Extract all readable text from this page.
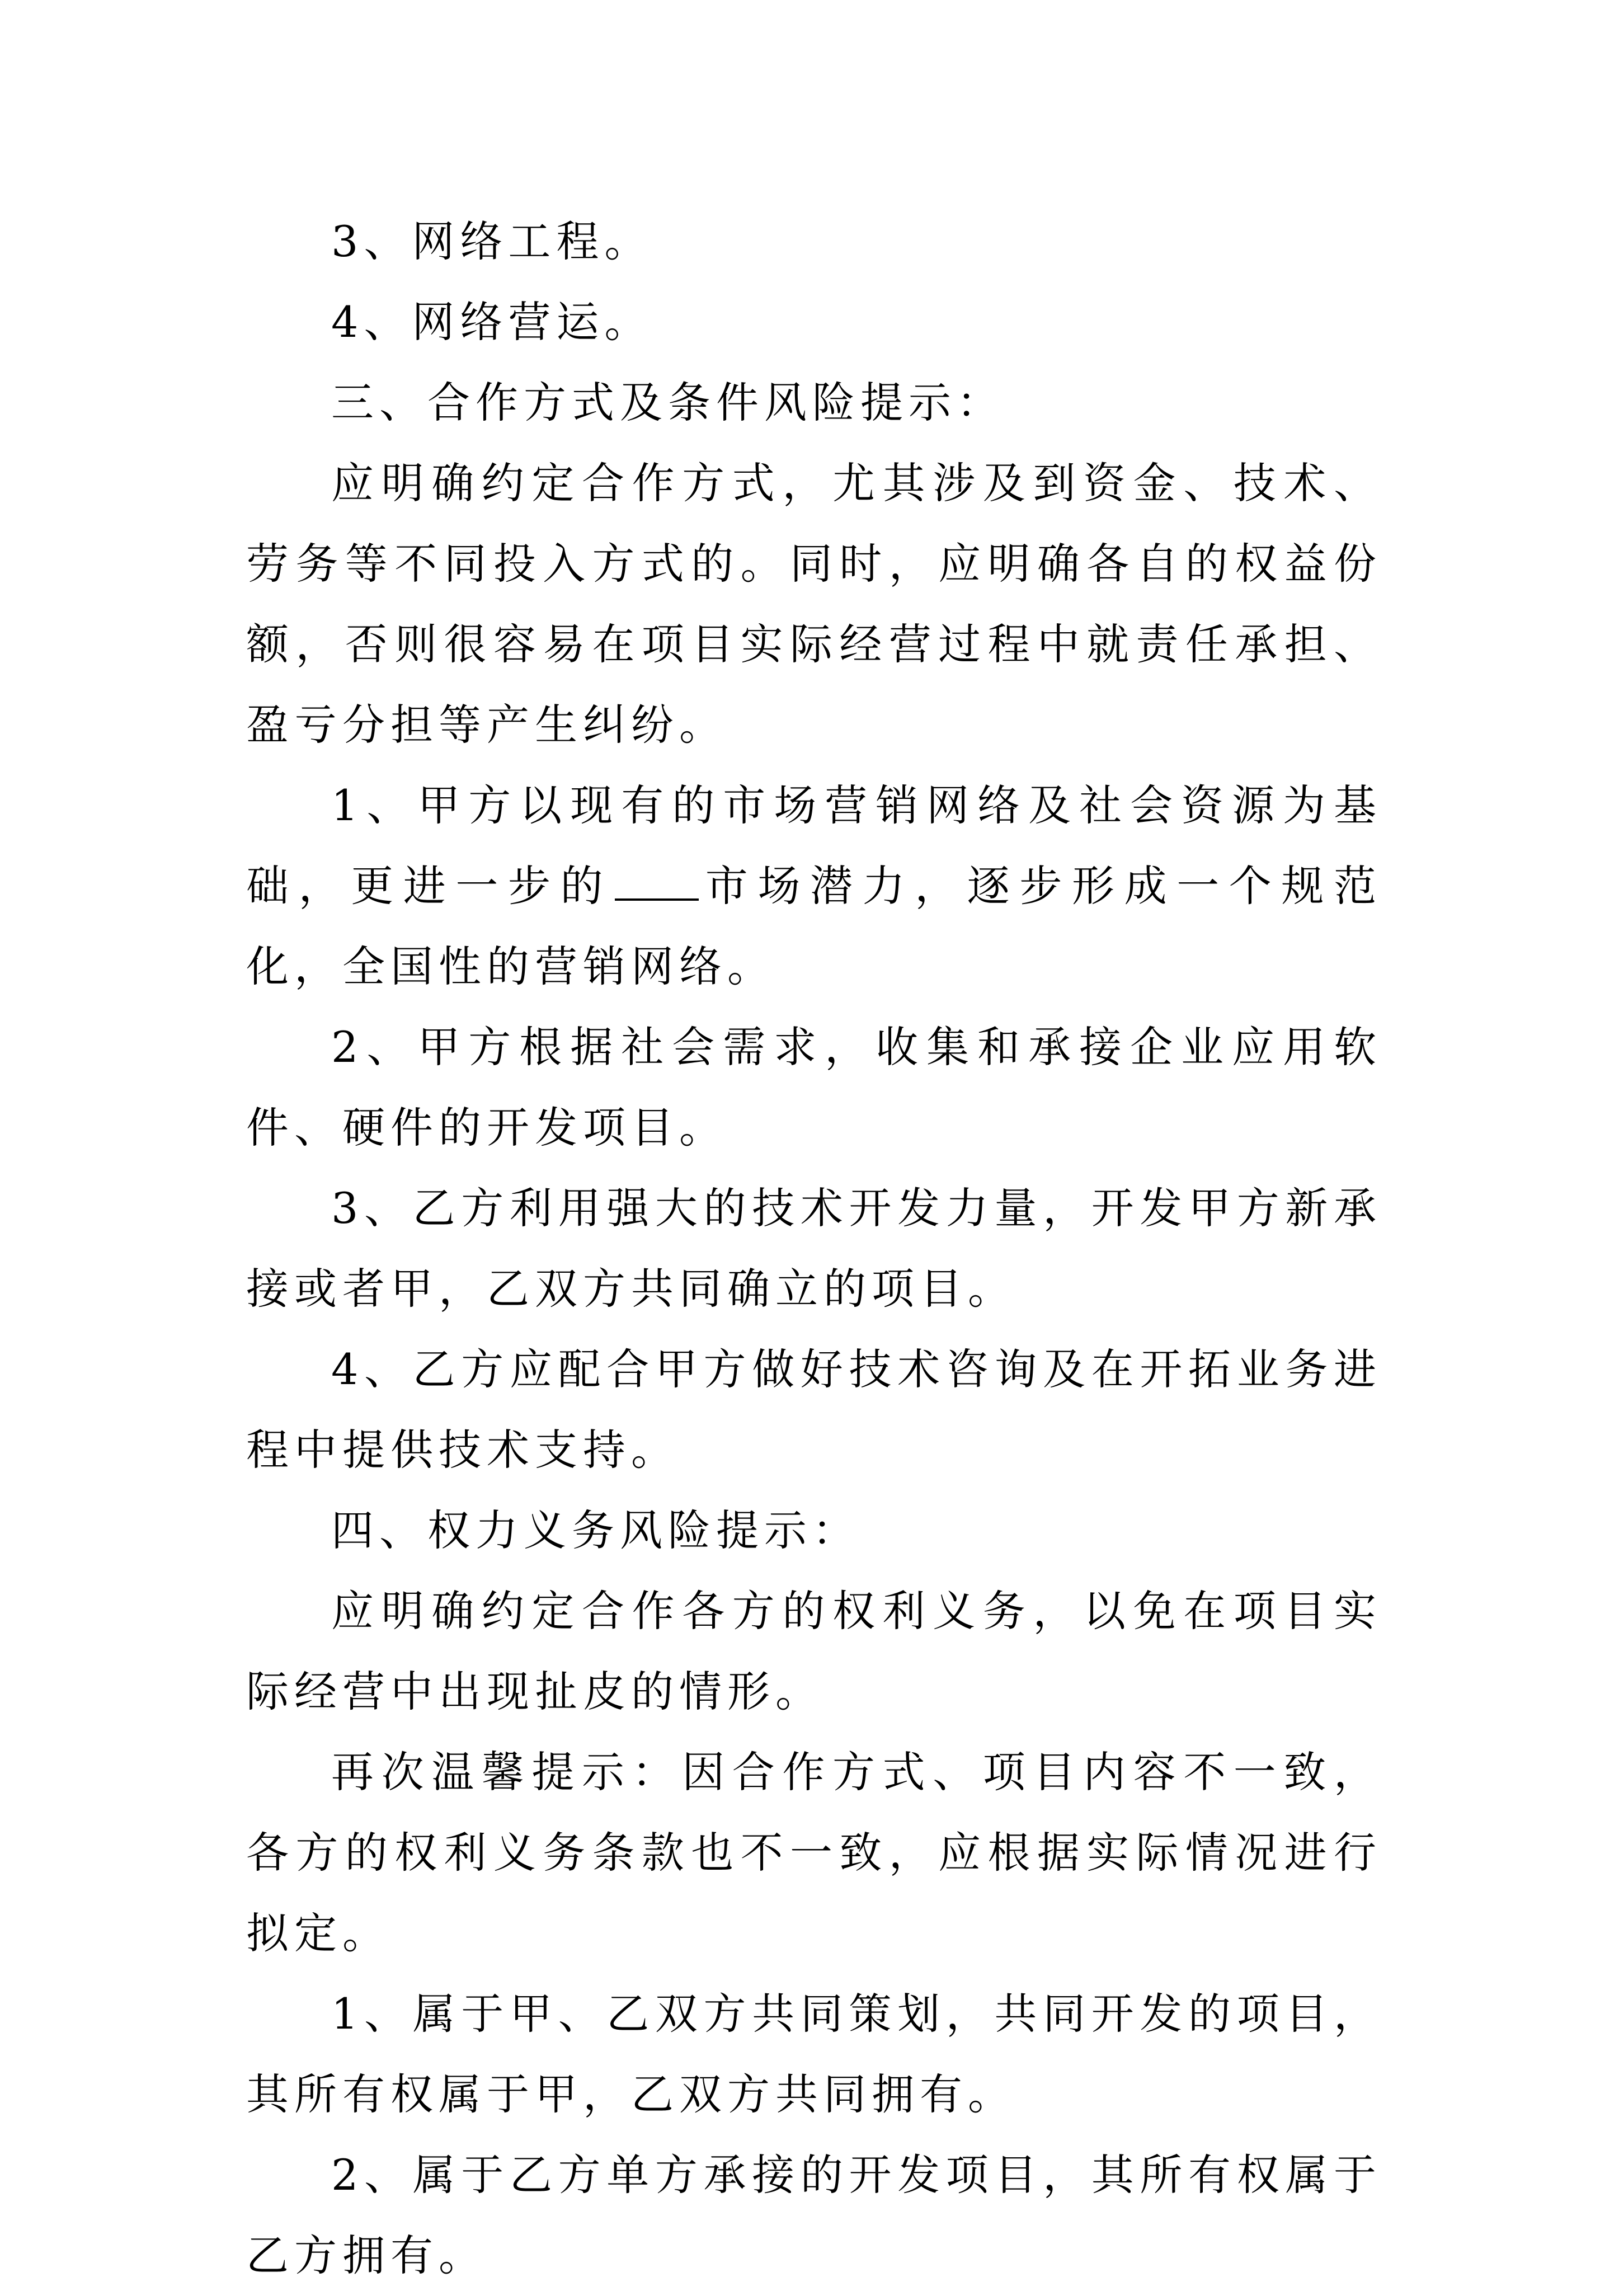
3、网络工程。

4、网络营运。

三、合作方式及条件风险提示：

应明确约定合作方式，尤其涉及到资金、技术、劳务等不同投入方式的。同时，应明确各自的权益份额，否则很容易在项目实际经营过程中就责任承担、盈亏分担等产生纠纷。

1、甲方以现有的市场营销网络及社会资源为基础，更进一步的 市场潜力，逐步形成一个规范化，全国性的营销网络。

2、甲方根据社会需求，收集和承接企业应用软件、硬件的开发项目。

3、乙方利用强大的技术开发力量，开发甲方新承接或者甲，乙双方共同确立的项目。

4、乙方应配合甲方做好技术咨询及在开拓业务进程中提供技术支持。

四、权力义务风险提示：

应明确约定合作各方的权利义务，以免在项目实际经营中出现扯皮的情形。

再次温馨提示：因合作方式、项目内容不一致，各方的权利义务条款也不一致，应根据实际情况进行拟定。

1、属于甲、乙双方共同策划，共同开发的项目，其所有权属于甲，乙双方共同拥有。

2、属于乙方单方承接的开发项目，其所有权属于乙方拥有。
